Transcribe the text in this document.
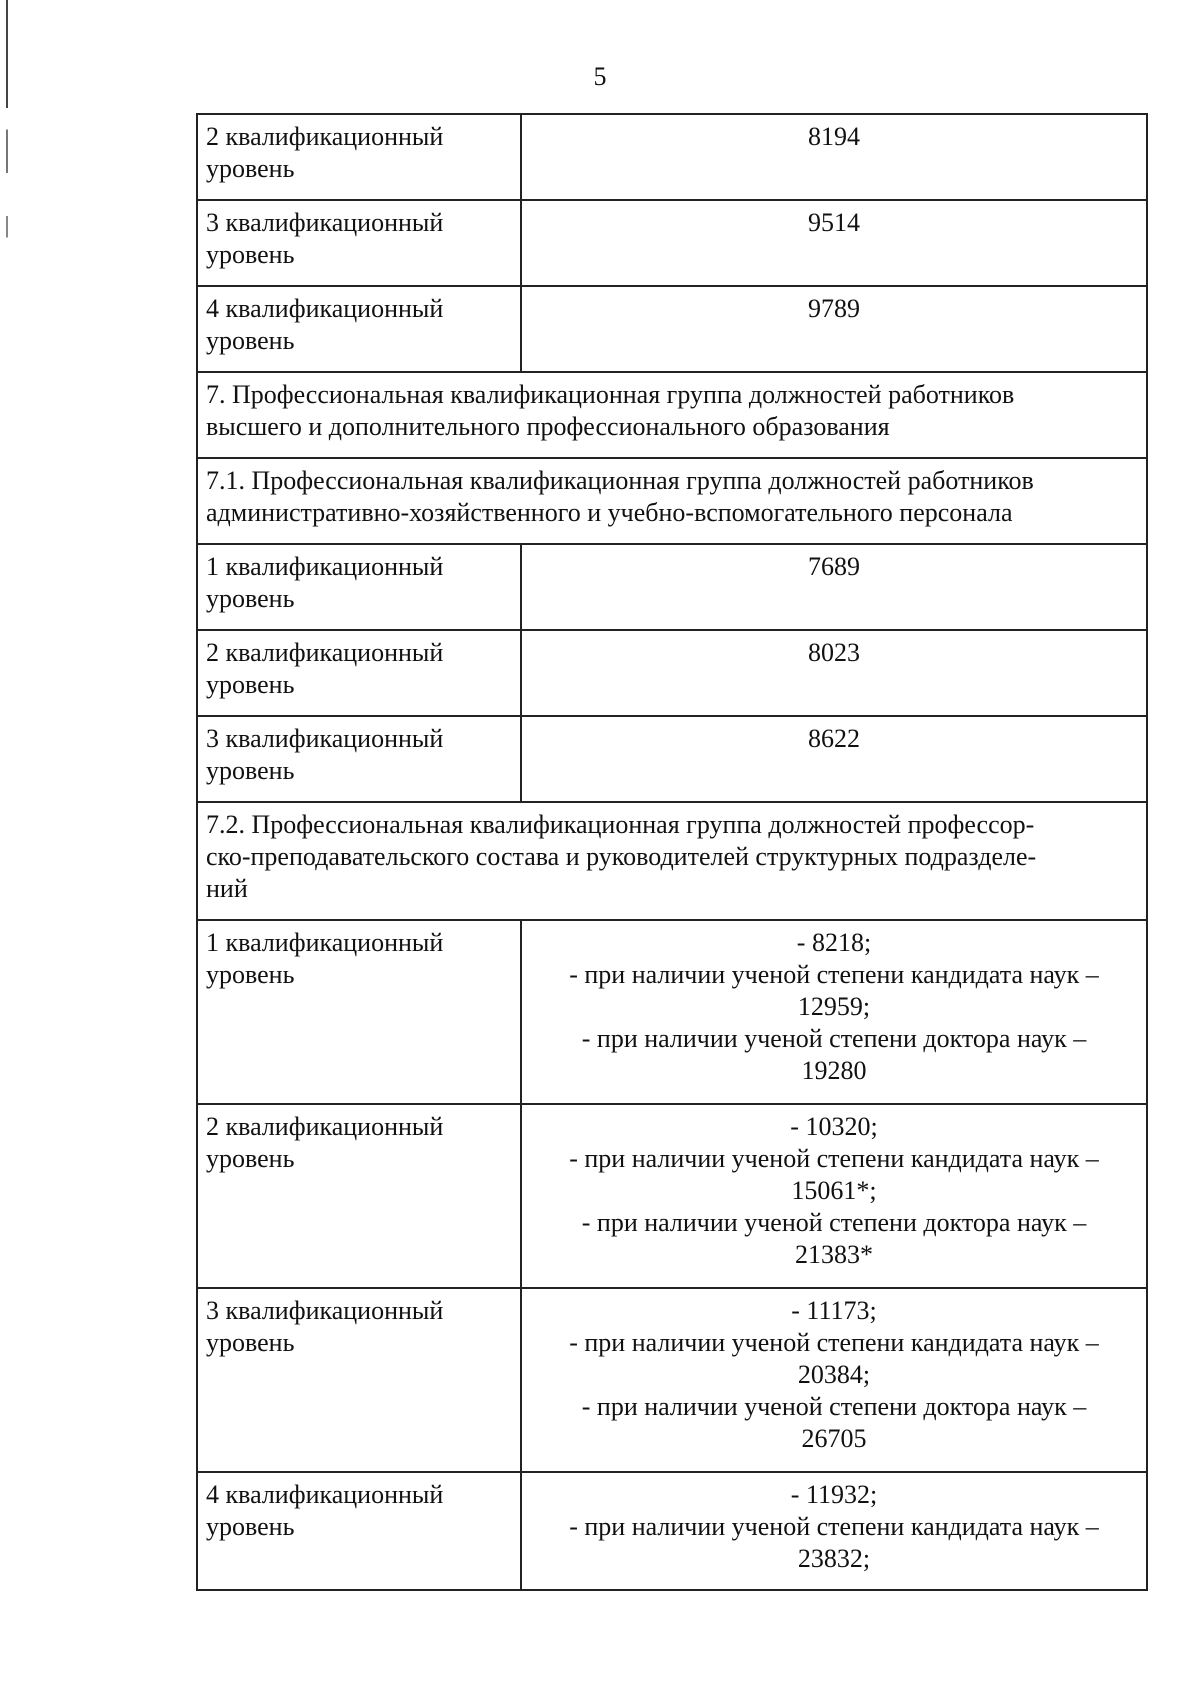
5
2 квалификационный уровень	8194

3 квалификационный уровень	9514

4 квалификационный уровень	9789

7. Профессиональная квалификационная группа должностей работников
высшего и дополнительного профессионального образования	

7.1. Профессиональная квалификационная группа должностей работников
административно-хозяйственного и учебно-вспомогательного персонала	

1 квалификационный уровень	7689

2 квалификационный уровень	8023

3 квалификационный уровень	8622

7.2. Профессиональная квалификационная группа должностей профессор-
ско-преподавательского состава и руководителей структурных подразделе-
ний	

1 квалификационный уровень	- 8218;
- при наличии ученой степени кандидата наук –
12959;
- при наличии ученой степени доктора наук –
19280

2 квалификационный уровень	- 10320;
- при наличии ученой степени кандидата наук –
15061*;
- при наличии ученой степени доктора наук –
21383*

3 квалификационный уровень	- 11173;
- при наличии ученой степени кандидата наук –
20384;
- при наличии ученой степени доктора наук –
26705

4 квалификационный уровень	- 11932;
- при наличии ученой степени кандидата наук –
23832;
